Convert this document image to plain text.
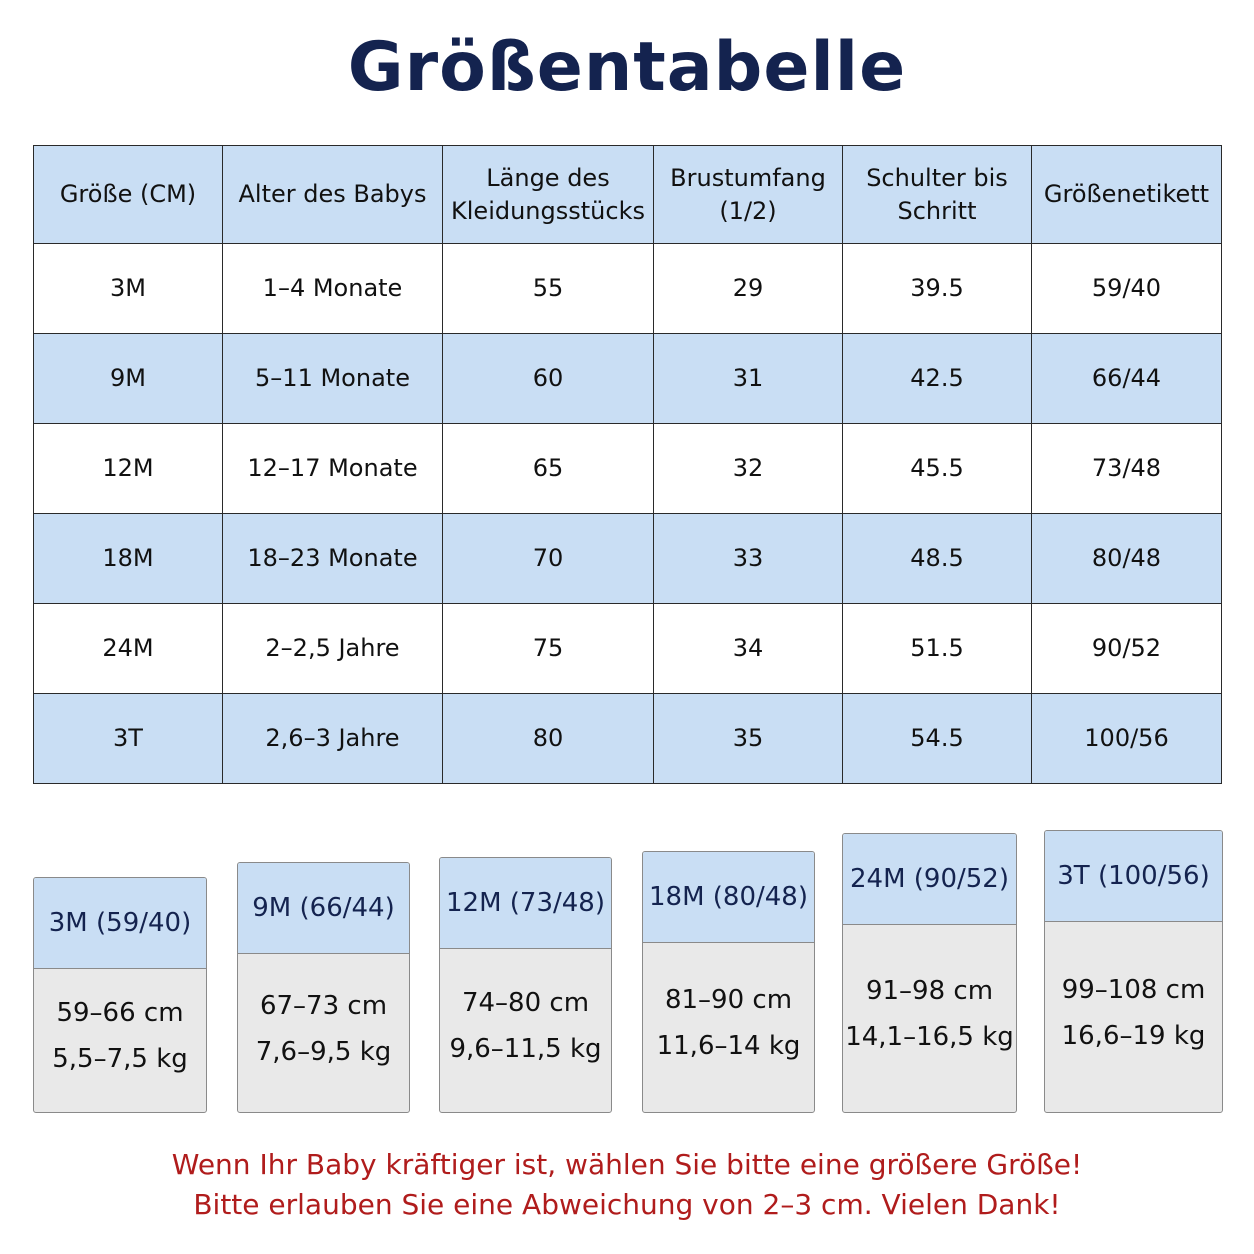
Größentabelle
Größe (CM)	Alter des Babys	Länge des Kleidungsstücks	Brustumfang (1/2)	Schulter bis Schritt	Größenetikett
3M	1–4 Monate	55	29	39.5	59/40
9M	5–11 Monate	60	31	42.5	66/44
12M	12–17 Monate	65	32	45.5	73/48
18M	18–23 Monate	70	33	48.5	80/48
24M	2–2,5 Jahre	75	34	51.5	90/52
3T	2,6–3 Jahre	80	35	54.5	100/56
3M (59/40)
59–66 cm
5,5–7,5 kg
9M (66/44)
67–73 cm
7,6–9,5 kg
12M (73/48)
74–80 cm
9,6–11,5 kg
18M (80/48)
81–90 cm
11,6–14 kg
24M (90/52)
91–98 cm
14,1–16,5 kg
3T (100/56)
99–108 cm
16,6–19 kg
Wenn Ihr Baby kräftiger ist, wählen Sie bitte eine größere Größe!
Bitte erlauben Sie eine Abweichung von 2–3 cm. Vielen Dank!
